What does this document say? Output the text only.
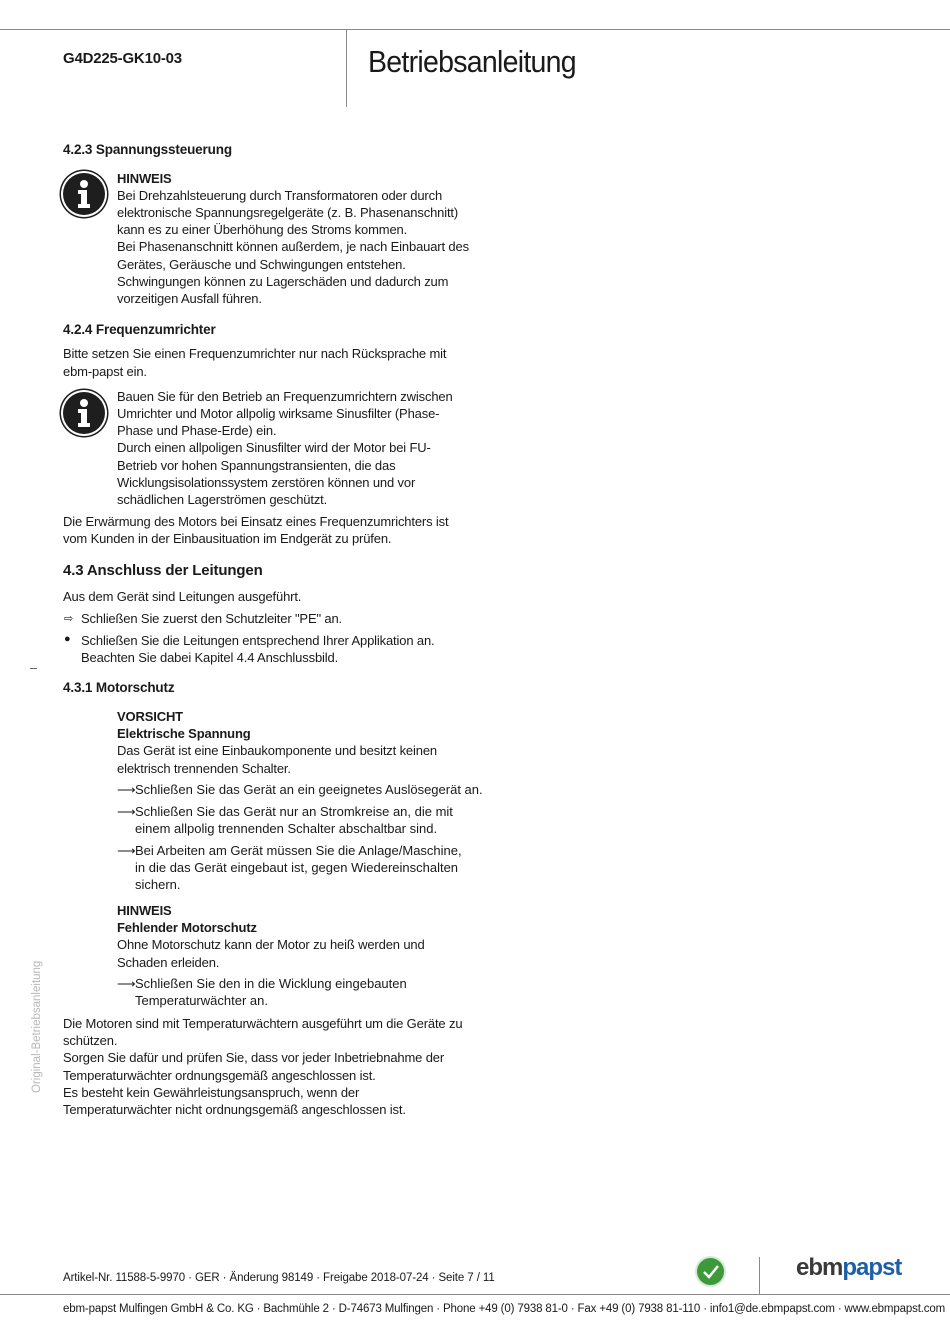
G4D225-GK10-03	Betriebsanleitung
4.2.3 Spannungssteuerung
HINWEIS
Bei Drehzahlsteuerung durch Transformatoren oder durch
elektronische Spannungsregelgeräte (z. B. Phasenanschnitt)
kann es zu einer Überhöhung des Stroms kommen.
Bei Phasenanschnitt können außerdem, je nach Einbauart des
Gerätes, Geräusche und Schwingungen entstehen.
Schwingungen können zu Lagerschäden und dadurch zum
vorzeitigen Ausfall führen.
4.2.4 Frequenzumrichter
Bitte setzen Sie einen Frequenzumrichter nur nach Rücksprache mit
ebm-papst ein.
Bauen Sie für den Betrieb an Frequenzumrichtern zwischen
Umrichter und Motor allpolig wirksame Sinusfilter (Phase-
Phase und Phase-Erde) ein.
Durch einen allpoligen Sinusfilter wird der Motor bei FU-
Betrieb vor hohen Spannungstransienten, die das
Wicklungsisolationssystem zerstören können und vor
schädlichen Lagerströmen geschützt.
Die Erwärmung des Motors bei Einsatz eines Frequenzumrichters ist
vom Kunden in der Einbausituation im Endgerät zu prüfen.
4.3 Anschluss der Leitungen
Aus dem Gerät sind Leitungen ausgeführt.
⇨ Schließen Sie zuerst den Schutzleiter "PE" an.
● Schließen Sie die Leitungen entsprechend Ihrer Applikation an.
Beachten Sie dabei Kapitel 4.4 Anschlussbild.
4.3.1 Motorschutz
VORSICHT
Elektrische Spannung
Das Gerät ist eine Einbaukomponente und besitzt keinen
elektrisch trennenden Schalter.
⟶ Schließen Sie das Gerät an ein geeignetes Auslösegerät an.
⟶ Schließen Sie das Gerät nur an Stromkreise an, die mit
einem allpolig trennenden Schalter abschaltbar sind.
⟶ Bei Arbeiten am Gerät müssen Sie die Anlage/Maschine,
in die das Gerät eingebaut ist, gegen Wiedereinschalten
sichern.
HINWEIS
Fehlender Motorschutz
Ohne Motorschutz kann der Motor zu heiß werden und
Schaden erleiden.
⟶ Schließen Sie den in die Wicklung eingebauten
Temperaturwächter an.
Die Motoren sind mit Temperaturwächtern ausgeführt um die Geräte zu
schützen.
Sorgen Sie dafür und prüfen Sie, dass vor jeder Inbetriebnahme der
Temperaturwächter ordnungsgemäß angeschlossen ist.
Es besteht kein Gewährleistungsanspruch, wenn der
Temperaturwächter nicht ordnungsgemäß angeschlossen ist.
Original-Betriebsanleitung
Artikel-Nr. 11588-5-9970 · GER · Änderung 98149 · Freigabe 2018-07-24 · Seite 7 / 11	ebmpapst
ebm-papst Mulfingen GmbH & Co. KG · Bachmühle 2 · D-74673 Mulfingen · Phone +49 (0) 7938 81-0 · Fax +49 (0) 7938 81-110 · info1@de.ebmpapst.com · www.ebmpapst.com
